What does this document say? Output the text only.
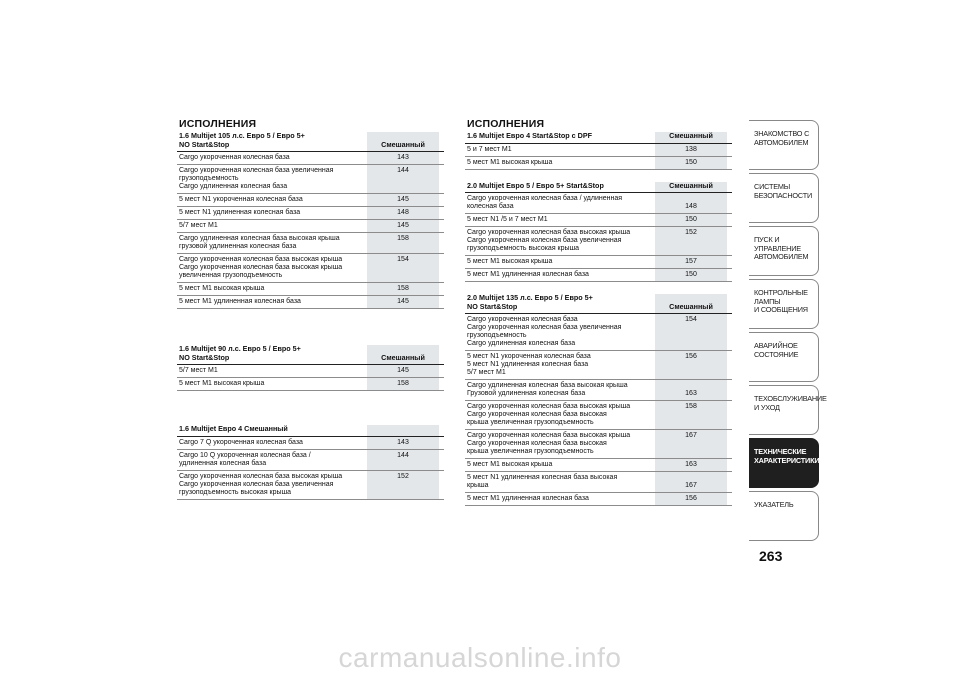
ИСПОЛНЕНИЯ
1.6 Multijet 105 л.с. Евро 5 / Евро 5+
NO Start&Stop	Смешанный
Cargo укороченная колесная база	143
Cargo укороченная колесная база увеличенная
грузоподъемность
Cargo удлиненная колесная база
144
5 мест N1 укороченная колесная база	145
5 мест N1 удлиненная колесная база	148
5/7 мест M1	145
Cargo удлиненная колесная база высокая крыша
грузовой удлиненная колесная база
158
Cargo укороченная колесная база высокая крыша
Cargo укороченная колесная база высокая крыша
увеличенная грузоподъемность
154
5 мест M1 высокая крыша	158
5 мест M1 удлиненная колесная база	145
1.6 Multijet 90 л.с. Евро 5 / Евро 5+
NO Start&Stop	Смешанный
5/7 мест M1	145
5 мест M1 высокая крыша	158
1.6 Multijet Евро 4 Смешанный
Cargo 7 Q укороченная колесная база	143
Cargo 10 Q укороченная колесная база /
удлиненная колесная база
144
Cargo укороченная колесная база высокая крыша
Cargo укороченная колесная база увеличенная
грузоподъемность высокая крыша
152
ИСПОЛНЕНИЯ
1.6 Multijet Евро 4 Start&Stop с DPF	Смешанный
5 и 7 мест M1	138
5 мест M1 высокая крыша	150
2.0 Multijet Евро 5 / Евро 5+ Start&Stop	Смешанный
Cargo укороченная колесная база / удлиненная
колесная база	148
5 мест N1 /5 и 7 мест M1	150
Cargo укороченная колесная база высокая крыша
Cargo укороченная колесная база увеличенная
грузоподъемность высокая крыша
152
5 мест M1 высокая крыша	157
5 мест M1 удлиненная колесная база	150
2.0 Multijet 135 л.с. Евро 5 / Евро 5+
NO Start&Stop	Смешанный
Cargo укороченная колесная база
Cargo укороченная колесная база увеличенная
грузоподъемность
Cargo удлиненная колесная база
154
5 мест N1 укороченная колесная база
5 мест N1 удлиненная колесная база
5/7 мест M1
156
Cargo удлиненная колесная база высокая крыша
Грузовой удлиненная колесная база	163
Cargo укороченная колесная база высокая крыша
Cargo укороченная колесная база высокая
крыша увеличенная грузоподъемность
158
Cargo укороченная колесная база высокая крыша
Cargo укороченная колесная база высокая
крыша увеличенная грузоподъемность
167
5 мест M1 высокая крыша	163
5 мест N1 удлиненная колесная база высокая
крыша	167
5 мест M1 удлиненная колесная база	156
ЗНАКОМСТВО С
АВТОМОБИЛЕМ
СИСТЕМЫ
БЕЗОПАСНОСТИ
ПУСК И УПРАВЛЕНИЕ
АВТОМОБИЛЕМ
КОНТРОЛЬНЫЕ
ЛАМПЫ
И СООБЩЕНИЯ
АВАРИЙНОЕ
СОСТОЯНИЕ
ТЕХОБСЛУЖИВАНИЕ
И УХОД
ТЕХНИЧЕСКИЕ
ХАРАКТЕРИСТИКИ
УКАЗАТЕЛЬ
263
carmanualsonline.info
